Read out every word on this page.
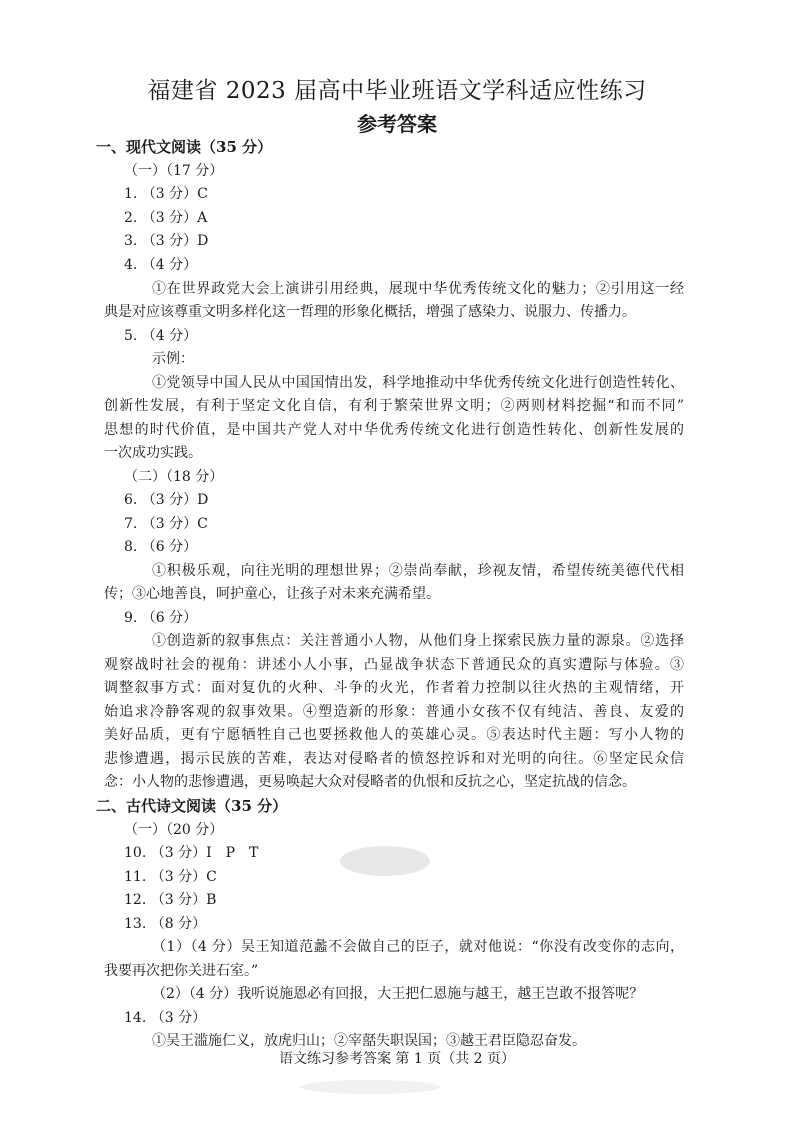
福建省 2023 届高中毕业班语文学科适应性练习
参考答案
一、现代文阅读（35 分）
（一）（17 分）
1. （3 分）C
2. （3 分）A
3. （3 分）D
4. （4 分）
①在世界政党大会上演讲引用经典，展现中华优秀传统文化的魅力；②引用这一经
典是对应该尊重文明多样化这一哲理的形象化概括，增强了感染力、说服力、传播力。
5. （4 分）
示例：
①党领导中国人民从中国国情出发，科学地推动中华优秀传统文化进行创造性转化、
创新性发展，有利于坚定文化自信，有利于繁荣世界文明；②两则材料挖掘“和而不同”
思想的时代价值，是中国共产党人对中华优秀传统文化进行创造性转化、创新性发展的
一次成功实践。
（二）（18 分）
6. （3 分）D
7. （3 分）C
8. （6 分）
①积极乐观，向往光明的理想世界；②崇尚奉献，珍视友情，希望传统美德代代相
传；③心地善良，呵护童心，让孩子对未来充满希望。
9. （6 分）
①创造新的叙事焦点：关注普通小人物，从他们身上探索民族力量的源泉。②选择
观察战时社会的视角：讲述小人小事，凸显战争状态下普通民众的真实遭际与体验。③
调整叙事方式：面对复仇的火种、斗争的火光，作者着力控制以往火热的主观情绪，开
始追求冷静客观的叙事效果。④塑造新的形象：普通小女孩不仅有纯洁、善良、友爱的
美好品质，更有宁愿牺牲自己也要拯救他人的英雄心灵。⑤表达时代主题：写小人物的
悲惨遭遇，揭示民族的苦难，表达对侵略者的愤怒控诉和对光明的向往。⑥坚定民众信
念：小人物的悲惨遭遇，更易唤起大众对侵略者的仇恨和反抗之心，坚定抗战的信念。
二、古代诗文阅读（35 分）
（一）（20 分）
10. （3 分）I　P　T
11. （3 分）C
12. （3 分）B
13. （8 分）
（1）（4 分）吴王知道范蠡不会做自己的臣子，就对他说：“你没有改变你的志向，
我要再次把你关进石室。”
（2）（4 分）我听说施恩必有回报，大王把仁恩施与越王，越王岂敢不报答呢？
14. （3 分）
①吴王滥施仁义，放虎归山；②宰嚭失职误国；③越王君臣隐忍奋发。
语文练习参考答案 第 1 页（共 2 页）
